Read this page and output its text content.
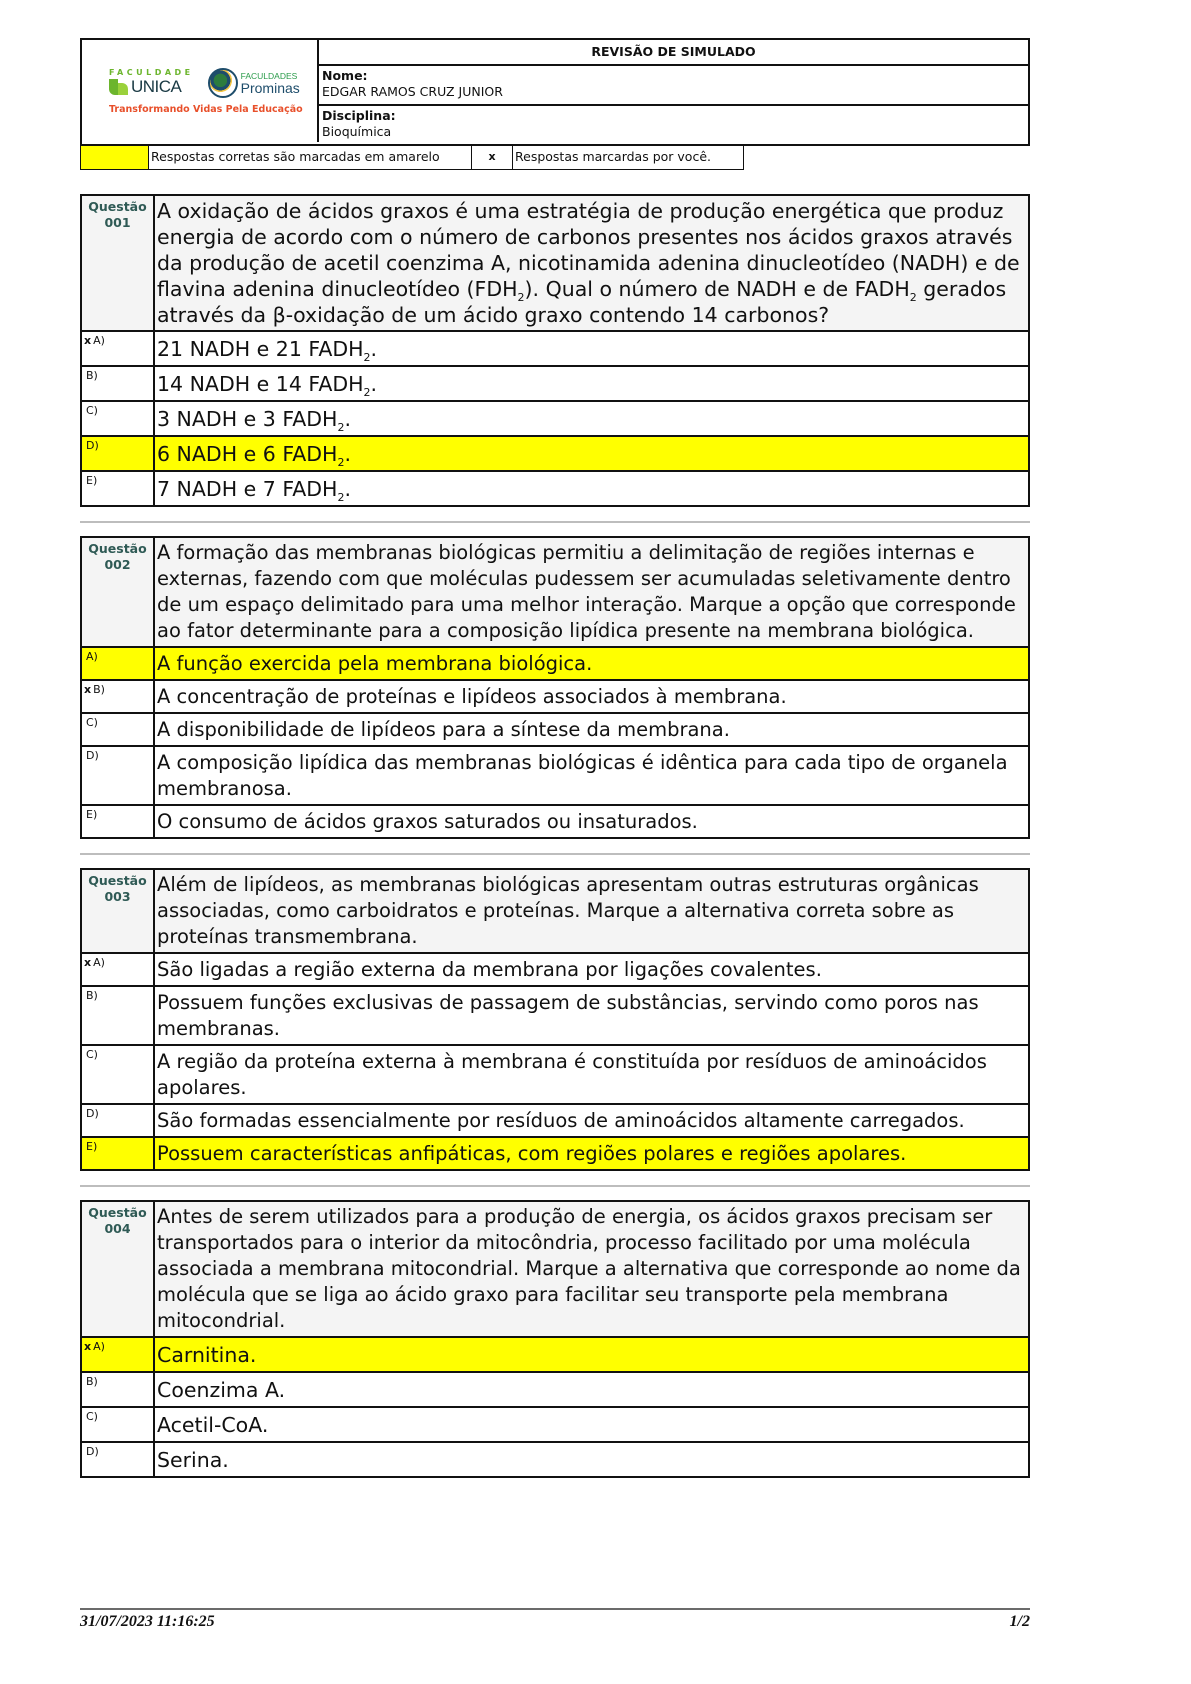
FACULDADE
UNICA
FACULDADES
Prominas
Transformando Vidas Pela Educação
REVISÃO DE SIMULADO
Nome:
EDGAR RAMOS CRUZ JUNIOR
Disciplina:
Bioquímica
Respostas corretas são marcadas em amarelo	x	Respostas marcardas por você.
Questão
001	A oxidação de ácidos graxos é uma estratégia de produção energética que produz energia de acordo com o número de carbonos presentes nos ácidos graxos através da produção de acetil coenzima A, nicotinamida adenina dinucleotídeo (NADH) e de flavina adenina dinucleotídeo $(FDH_2)$. Qual o número de NADH e de $FADH_2$ gerados através da β-oxidação de um ácido graxo contendo 14 carbonos?
x A)	21 NADH e 21 $FADH_2$.
B)	14 NADH e 14 $FADH_2$.
C)	3 NADH e 3 $FADH_2$.
D)	6 NADH e 6 $FADH_2$.
E)	7 NADH e 7 $FADH_2$.
Questão
002
A formação das membranas biológicas permitiu a delimitação de regiões internas e externas, fazendo com que moléculas pudessem ser acumuladas seletivamente dentro de um espaço delimitado para uma melhor interação. Marque a opção que corresponde ao fator determinante para a composição lipídica presente na membrana biológica.
A)	A função exercida pela membrana biológica.
x B)	A concentração de proteínas e lipídeos associados à membrana.
C)	A disponibilidade de lipídeos para a síntese da membrana.
D)	A composição lipídica das membranas biológicas é idêntica para cada tipo de organela membranosa.
E)	O consumo de ácidos graxos saturados ou insaturados.
Questão
003
Além de lipídeos, as membranas biológicas apresentam outras estruturas orgânicas associadas, como carboidratos e proteínas. Marque a alternativa correta sobre as proteínas transmembrana.
x A)	São ligadas a região externa da membrana por ligações covalentes.
B)	Possuem funções exclusivas de passagem de substâncias, servindo como poros nas membranas.
C)	A região da proteína externa à membrana é constituída por resíduos de aminoácidos apolares.
D)	São formadas essencialmente por resíduos de aminoácidos altamente carregados.
E)	Possuem características anfipáticas, com regiões polares e regiões apolares.
Questão
004
Antes de serem utilizados para a produção de energia, os ácidos graxos precisam ser transportados para o interior da mitocôndria, processo facilitado por uma molécula associada a membrana mitocondrial. Marque a alternativa que corresponde ao nome da molécula que se liga ao ácido graxo para facilitar seu transporte pela membrana mitocondrial.
x A)	Carnitina.
B)	Coenzima A.
C)	Acetil-CoA.
D)	Serina.
31/07/2023 11:16:25	1/2
